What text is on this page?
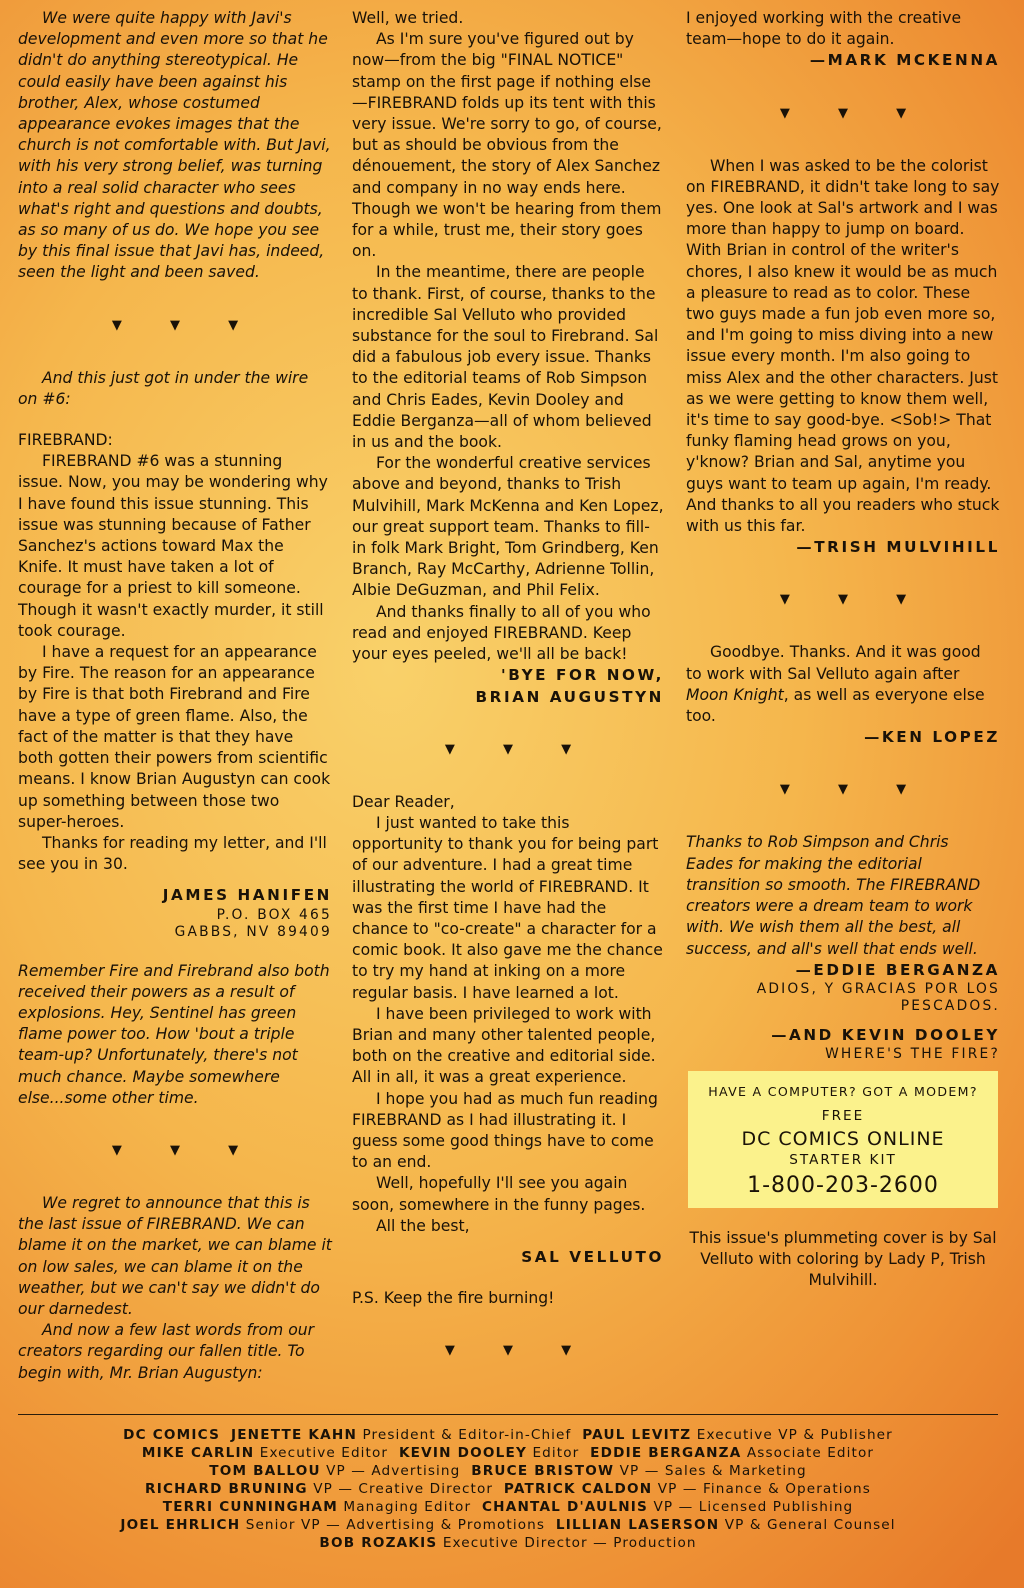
We were quite happy with Javi's development and even more so that he didn't do anything stereotypical. He could easily have been against his brother, Alex, whose costumed appearance evokes images that the church is not comfortable with. But Javi, with his very strong belief, was turning into a real solid character who sees what's right and questions and doubts, as so many of us do. We hope you see by this final issue that Javi has, indeed, seen the light and been saved.

▼ ▼ ▼

And this just got in under the wire on #6:

FIREBRAND:

FIREBRAND #6 was a stunning issue. Now, you may be wondering why I have found this issue stunning. This issue was stunning because of Father Sanchez's actions toward Max the Knife. It must have taken a lot of courage for a priest to kill someone. Though it wasn't exactly murder, it still took courage.

I have a request for an appearance by Fire. The reason for an appearance by Fire is that both Firebrand and Fire have a type of green flame. Also, the fact of the matter is that they have both gotten their powers from scientific means. I know Brian Augustyn can cook up something between those two super-heroes.

Thanks for reading my letter, and I'll see you in 30.

JAMES HANIFEN

P.O. BOX 465

GABBS, NV 89409

Remember Fire and Firebrand also both received their powers as a result of explosions. Hey, Sentinel has green flame power too. How 'bout a triple team-up? Unfortunately, there's not much chance. Maybe somewhere else...some other time.

▼ ▼ ▼

We regret to announce that this is the last issue of FIREBRAND. We can blame it on the market, we can blame it on low sales, we can blame it on the weather, but we can't say we didn't do our darnedest.

And now a few last words from our creators regarding our fallen title. To begin with, Mr. Brian Augustyn:

Well, we tried.

As I'm sure you've figured out by now—from the big "FINAL NOTICE" stamp on the first page if nothing else—FIREBRAND folds up its tent with this very issue. We're sorry to go, of course, but as should be obvious from the dénouement, the story of Alex Sanchez and company in no way ends here. Though we won't be hearing from them for a while, trust me, their story goes on.

In the meantime, there are people to thank. First, of course, thanks to the incredible Sal Velluto who provided substance for the soul to Firebrand. Sal did a fabulous job every issue. Thanks to the editorial teams of Rob Simpson and Chris Eades, Kevin Dooley and Eddie Berganza—all of whom believed in us and the book.

For the wonderful creative services above and beyond, thanks to Trish Mulvihill, Mark McKenna and Ken Lopez, our great support team. Thanks to fill-in folk Mark Bright, Tom Grindberg, Ken Branch, Ray McCarthy, Adrienne Tollin, Albie DeGuzman, and Phil Felix.

And thanks finally to all of you who read and enjoyed FIREBRAND. Keep your eyes peeled, we'll all be back!

'BYE FOR NOW,

BRIAN AUGUSTYN

▼ ▼ ▼

Dear Reader,

I just wanted to take this opportunity to thank you for being part of our adventure. I had a great time illustrating the world of FIREBRAND. It was the first time I have had the chance to "co-create" a character for a comic book. It also gave me the chance to try my hand at inking on a more regular basis. I have learned a lot.

I have been privileged to work with Brian and many other talented people, both on the creative and editorial side. All in all, it was a great experience.

I hope you had as much fun reading FIREBRAND as I had illustrating it. I guess some good things have to come to an end.

Well, hopefully I'll see you again soon, somewhere in the funny pages.

All the best,

SAL VELLUTO

P.S. Keep the fire burning!

▼ ▼ ▼

I enjoyed working with the creative team—hope to do it again.

—MARK MCKENNA

▼ ▼ ▼

When I was asked to be the colorist on FIREBRAND, it didn't take long to say yes. One look at Sal's artwork and I was more than happy to jump on board. With Brian in control of the writer's chores, I also knew it would be as much a pleasure to read as to color. These two guys made a fun job even more so, and I'm going to miss diving into a new issue every month. I'm also going to miss Alex and the other characters. Just as we were getting to know them well, it's time to say good-bye. <Sob!> That funky flaming head grows on you, y'know? Brian and Sal, anytime you guys want to team up again, I'm ready. And thanks to all you readers who stuck with us this far.

—TRISH MULVIHILL

▼ ▼ ▼

Goodbye. Thanks. And it was good to work with Sal Velluto again after Moon Knight, as well as everyone else too.

—KEN LOPEZ

▼ ▼ ▼

Thanks to Rob Simpson and Chris Eades for making the editorial transition so smooth. The FIREBRAND creators were a dream team to work with. We wish them all the best, all success, and all's well that ends well.

—EDDIE BERGANZA

ADIOS, Y GRACIAS POR LOS PESCADOS.

—AND KEVIN DOOLEY

WHERE'S THE FIRE?

HAVE A COMPUTER? GOT A MODEM?
FREE
DC COMICS ONLINE
STARTER KIT
1-800-203-2600

This issue's plummeting cover is by Sal Velluto with coloring by Lady P, Trish Mulvihill.

DC COMICS JENETTE KAHN President & Editor-in-Chief PAUL LEVITZ Executive VP & Publisher
MIKE CARLIN Executive Editor KEVIN DOOLEY Editor EDDIE BERGANZA Associate Editor
TOM BALLOU VP — Advertising BRUCE BRISTOW VP — Sales & Marketing
RICHARD BRUNING VP — Creative Director PATRICK CALDON VP — Finance & Operations
TERRI CUNNINGHAM Managing Editor CHANTAL D'AULNIS VP — Licensed Publishing
JOEL EHRLICH Senior VP — Advertising & Promotions LILLIAN LASERSON VP & General Counsel
BOB ROZAKIS Executive Director — Production
